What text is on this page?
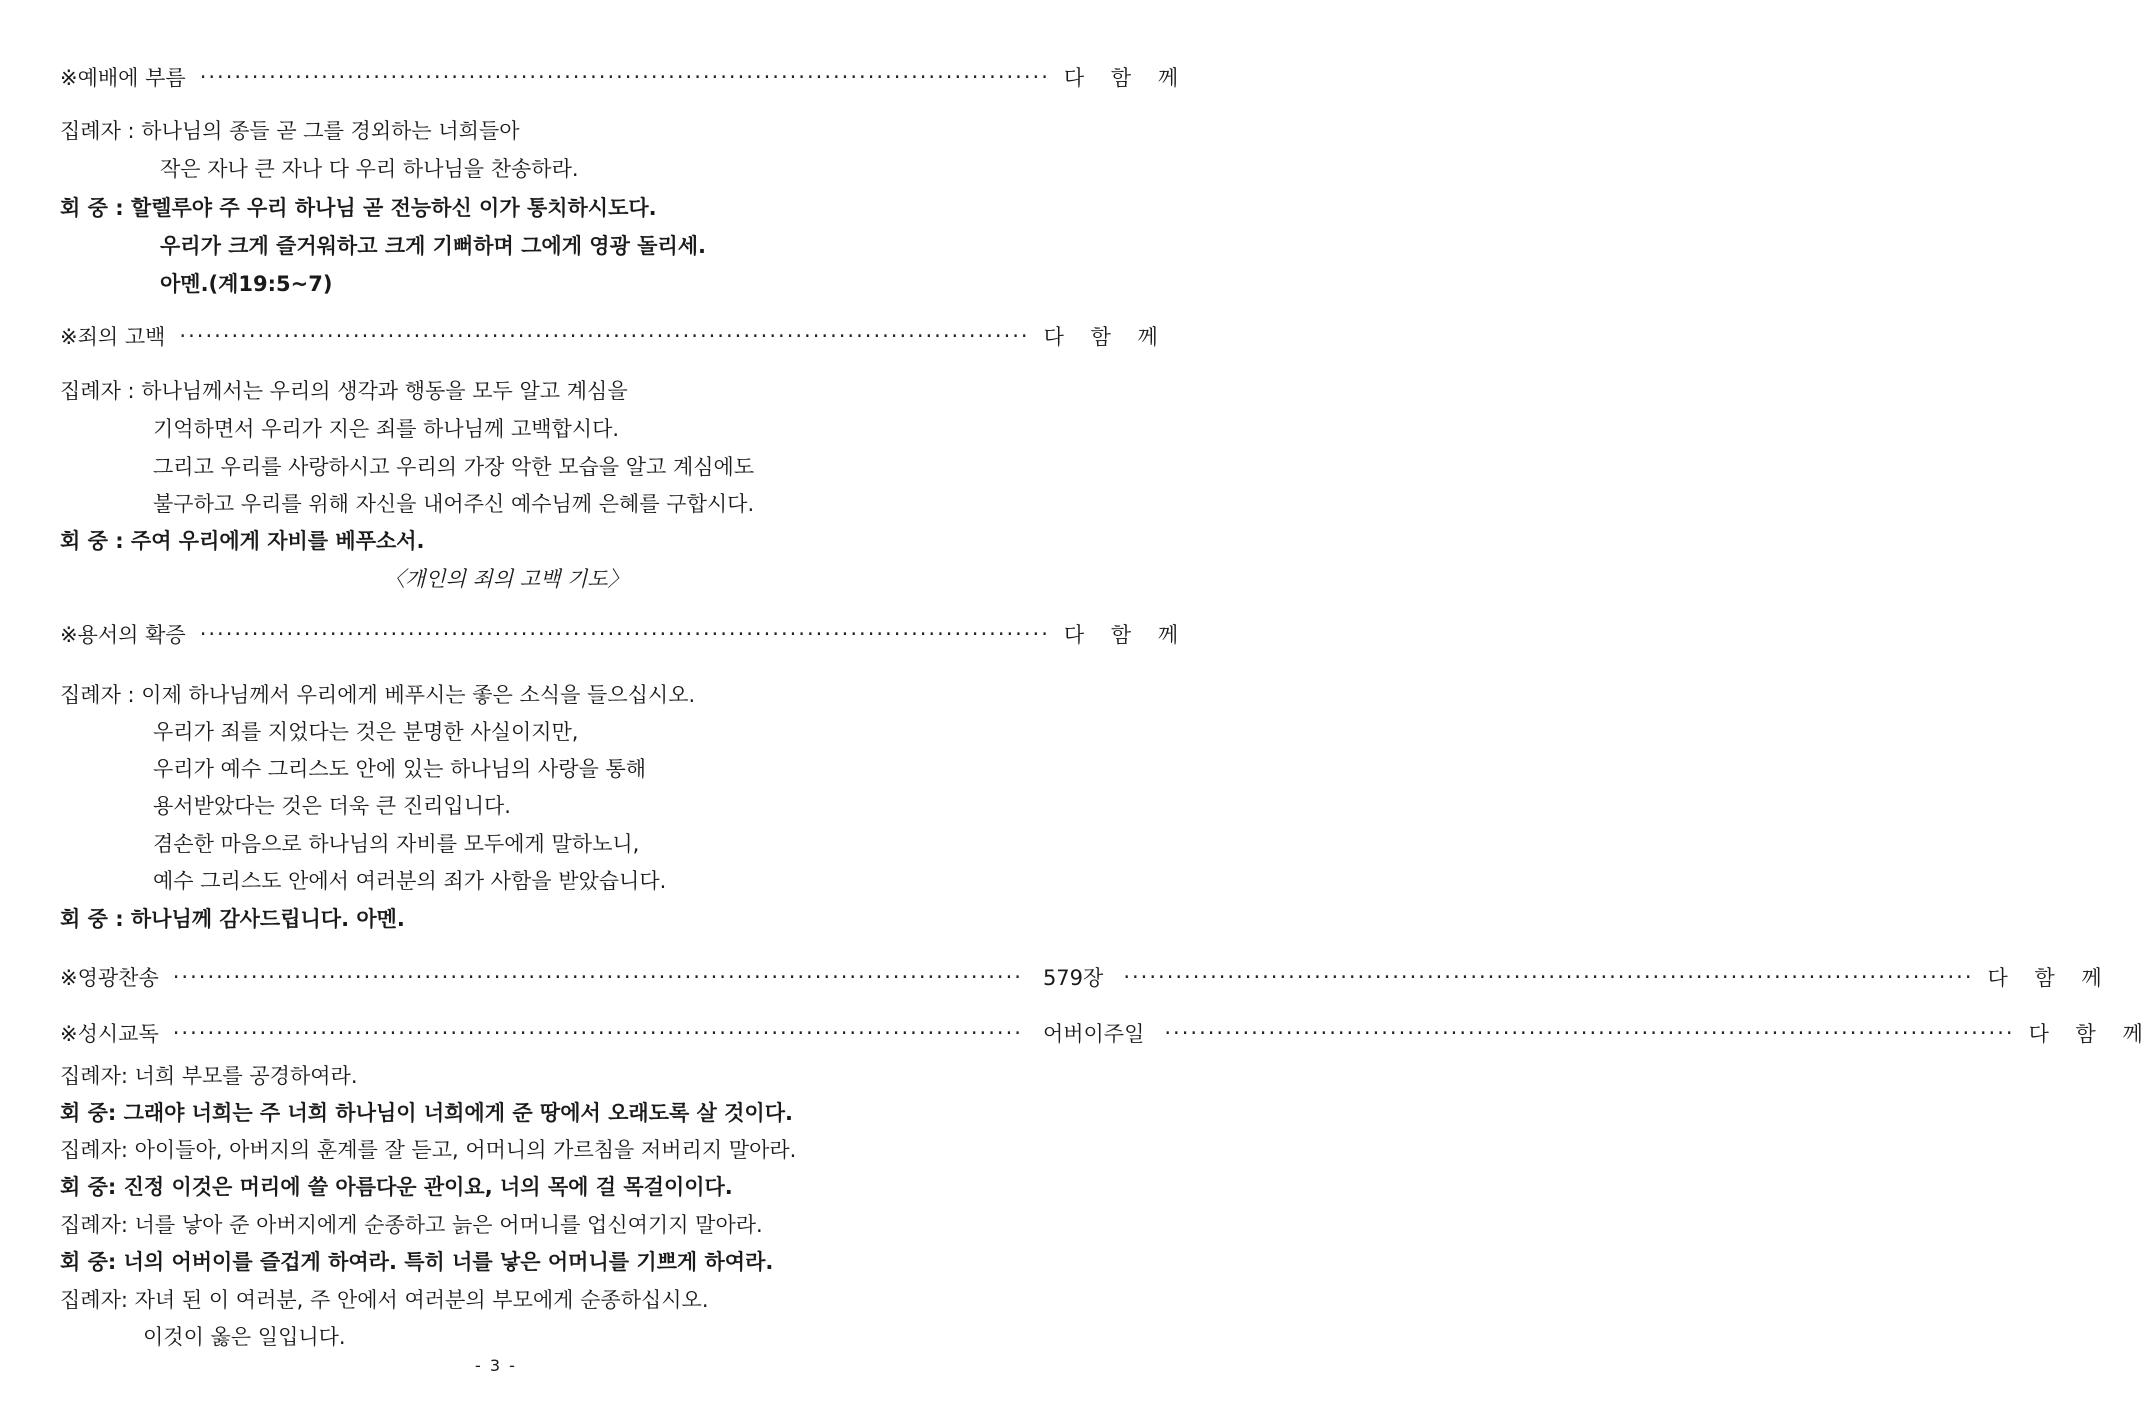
※예배에 부름 ·································································································· 다 함 께
집례자 : 하나님의 종들 곧 그를 경외하는 너희들아
작은 자나 큰 자나 다 우리 하나님을 찬송하라.
회 중 : 할렐루야 주 우리 하나님 곧 전능하신 이가 통치하시도다.
우리가 크게 즐거워하고 크게 기뻐하며 그에게 영광 돌리세.
아멘.(계19:5~7)
※죄의 고백 ·································································································· 다 함 께
집례자 : 하나님께서는 우리의 생각과 행동을 모두 알고 계심을
기억하면서 우리가 지은 죄를 하나님께 고백합시다.
그리고 우리를 사랑하시고 우리의 가장 악한 모습을 알고 계심에도
불구하고 우리를 위해 자신을 내어주신 예수님께 은혜를 구합시다.
회 중 : 주여 우리에게 자비를 베푸소서.
〈개인의 죄의 고백 기도〉
※용서의 확증 ·································································································· 다 함 께
집례자 : 이제 하나님께서 우리에게 베푸시는 좋은 소식을 들으십시오.
우리가 죄를 지었다는 것은 분명한 사실이지만,
우리가 예수 그리스도 안에 있는 하나님의 사랑을 통해
용서받았다는 것은 더욱 큰 진리입니다.
겸손한 마음으로 하나님의 자비를 모두에게 말하노니,
예수 그리스도 안에서 여러분의 죄가 사함을 받았습니다.
회 중 : 하나님께 감사드립니다. 아멘.
※영광찬송 ·································································································· 579장 ·································································································· 다 함 께
※성시교독 ·································································································· 어버이주일 ·································································································· 다 함 께
집례자: 너희 부모를 공경하여라.
회 중: 그래야 너희는 주 너희 하나님이 너희에게 준 땅에서 오래도록 살 것이다.
집례자: 아이들아, 아버지의 훈계를 잘 듣고, 어머니의 가르침을 저버리지 말아라.
회 중: 진정 이것은 머리에 쓸 아름다운 관이요, 너의 목에 걸 목걸이이다.
집례자: 너를 낳아 준 아버지에게 순종하고 늙은 어머니를 업신여기지 말아라.
회 중: 너의 어버이를 즐겁게 하여라. 특히 너를 낳은 어머니를 기쁘게 하여라.
집례자: 자녀 된 이 여러분, 주 안에서 여러분의 부모에게 순종하십시오.
이것이 옳은 일입니다.
- 3 -
